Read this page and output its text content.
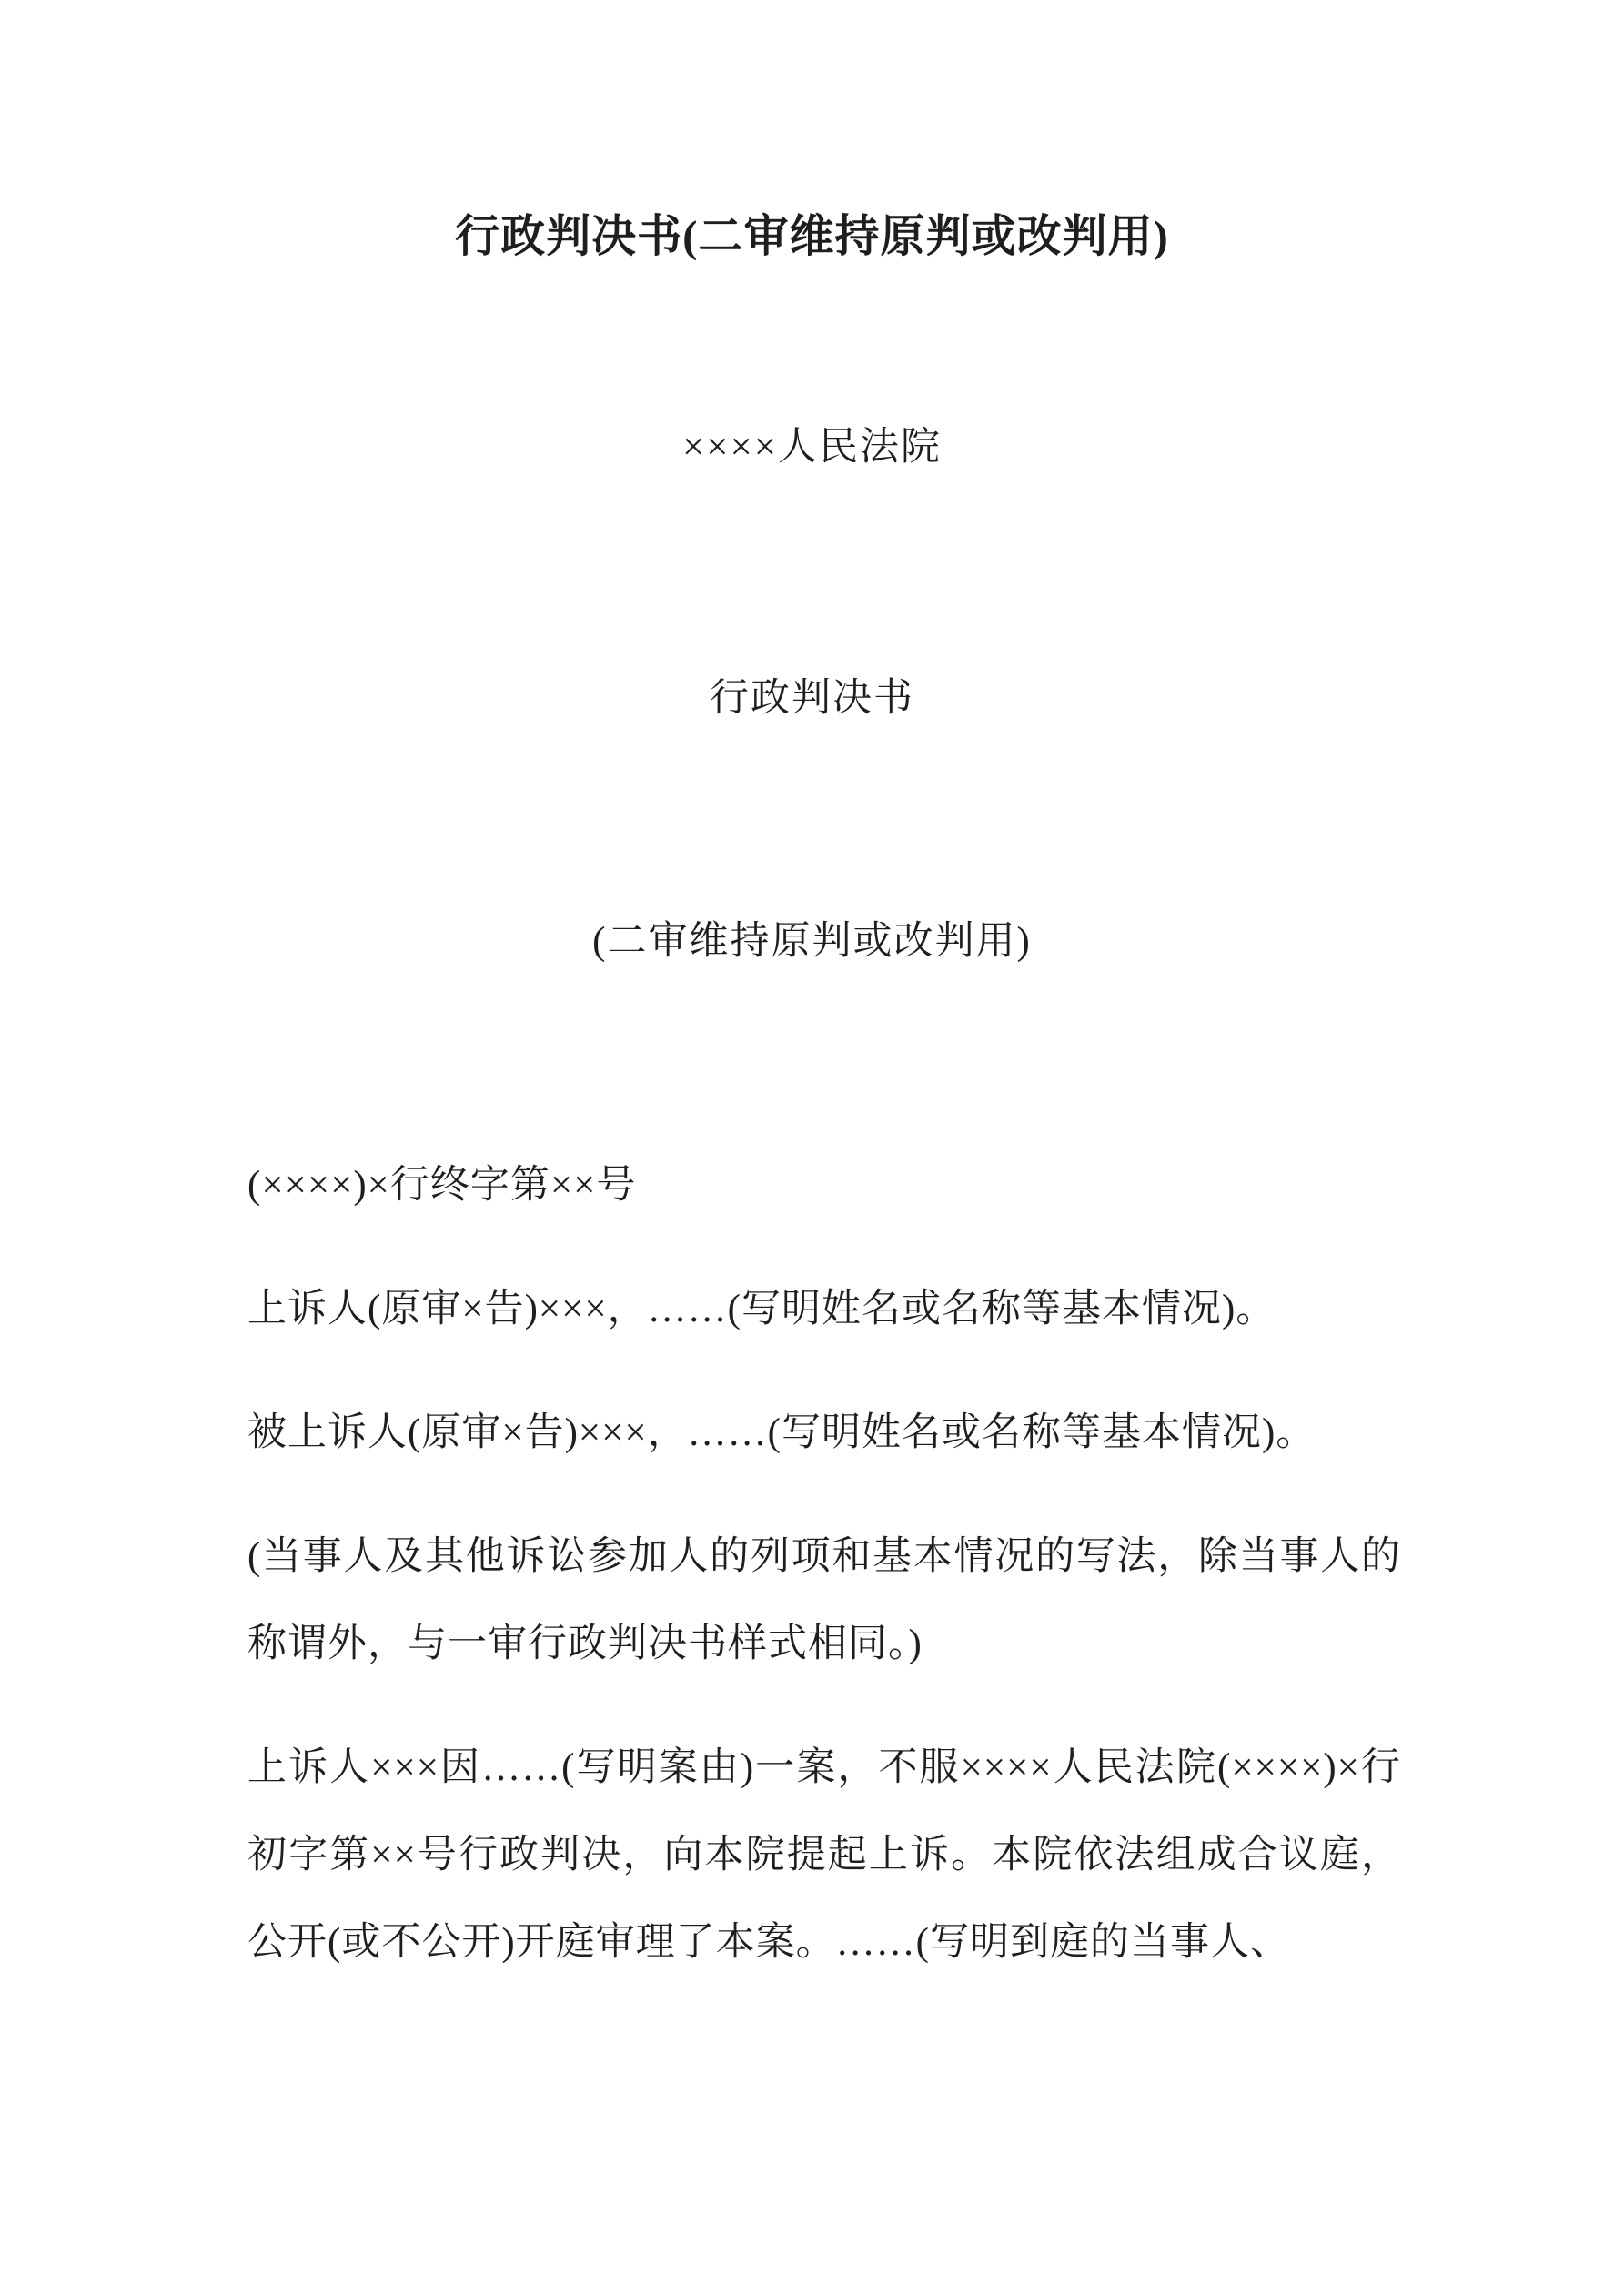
行政判决书(二审维持原判或改判用)
××××人民法院
行政判决书
(二审维持原判或改判用)

(××××)×行终字第××号

上诉人(原审×告)×××，……(写明姓名或名称等基本情况)。

被上诉人(原审×告)×××，……(写明姓名或名称等基本情况)。

(当事人及其他诉讼参加人的列项和基本情况的写法，除当事人的称谓外，与一审行政判决书样式相同。)

上诉人×××因……(写明案由)一案，不服××××人民法院(××××)×行初字第××号行政判决，向本院提起上诉。本院依法组成合议庭，公开(或不公开)开庭审理了本案。……(写明到庭的当事人、
